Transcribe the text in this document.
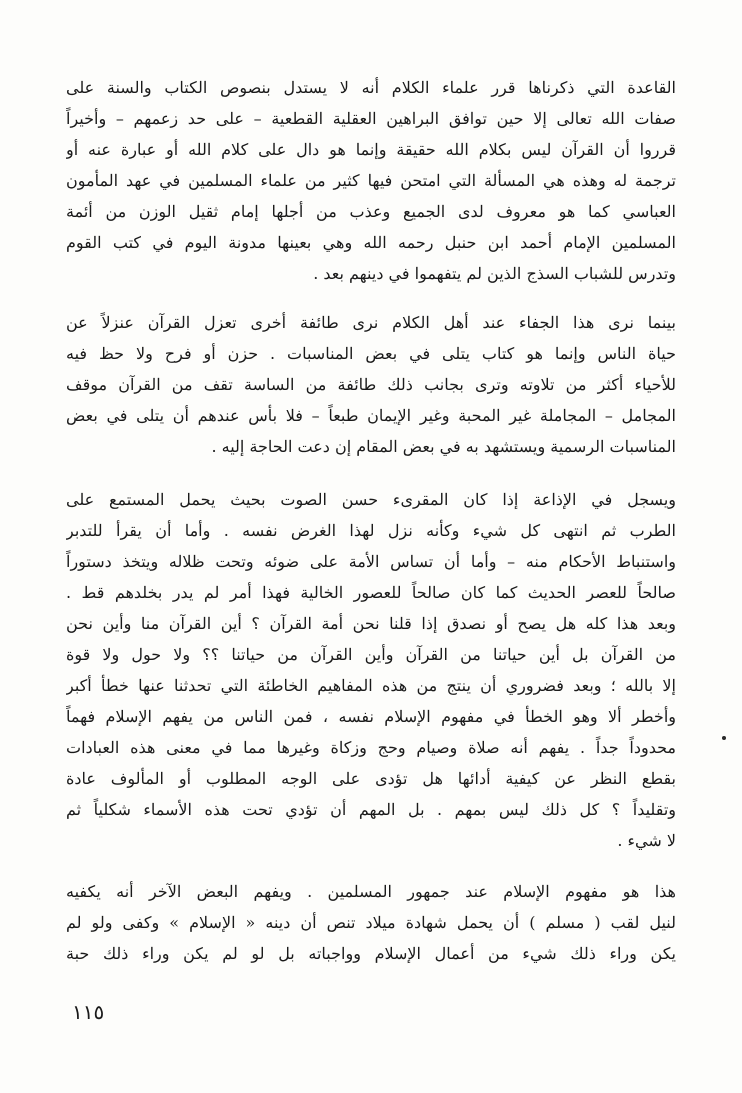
القاعدة التي ذكرناها قرر علماء الكلام أنه لا يستدل بنصوص الكتاب والسنة على
صفات الله تعالى إلا حين توافق البراهين العقلية القطعية – على حد زعمهم – وأخيراً
قرروا أن القرآن ليس بكلام الله حقيقة وإنما هو دال على كلام الله أو عبارة عنه أو
ترجمة له وهذه هي المسألة التي امتحن فيها كثير من علماء المسلمين في عهد المأمون
العباسي كما هو معروف لدى الجميع وعذب من أجلها إمام ثقيل الوزن من أئمة
المسلمين الإمام أحمد ابن حنبل رحمه الله وهي بعينها مدونة اليوم في كتب القوم
وتدرس للشباب السذج الذين لم يتفهموا في دينهم بعد .
بينما نرى هذا الجفاء عند أهل الكلام نرى طائفة أخرى تعزل القرآن عنزلاً عن
حياة الناس وإنما هو كتاب يتلى في بعض المناسبات . حزن أو فرح ولا حظ فيه
للأحياء أكثر من تلاوته وترى بجانب ذلك طائفة من الساسة تقف من القرآن موقف
المجامل – المجاملة غير المحبة وغير الإيمان طبعاً – فلا بأس عندهم أن يتلى في بعض
المناسبات الرسمية ويستشهد به في بعض المقام إن دعت الحاجة إليه .
ويسجل في الإذاعة إذا كان المقرىء حسن الصوت بحيث يحمل المستمع على
الطرب ثم انتهى كل شيء وكأنه نزل لهذا الغرض نفسه . وأما أن يقرأ للتدبر
واستنباط الأحكام منه – وأما أن تساس الأمة على ضوئه وتحت ظلاله ويتخذ دستوراً
صالحاً للعصر الحديث كما كان صالحاً للعصور الخالية فهذا أمر لم يدر بخلدهم قط .
وبعد هذا كله هل يصح أو نصدق إذا قلنا نحن أمة القرآن ؟ أين القرآن منا وأين نحن
من القرآن بل أين حياتنا من القرآن وأين القرآن من حياتنا ؟؟ ولا حول ولا قوة
إلا بالله ؛ وبعد فضروري أن ينتج من هذه المفاهيم الخاطئة التي تحدثنا عنها خطأ أكبر
وأخطر ألا وهو الخطأ في مفهوم الإسلام نفسه ، فمن الناس من يفهم الإسلام فهماً
محدوداً جداً . يفهم أنه صلاة وصيام وحج وزكاة وغيرها مما في معنى هذه العبادات
بقطع النظر عن كيفية أدائها هل تؤدى على الوجه المطلوب أو المألوف عادة
وتقليداً ؟ كل ذلك ليس بمهم . بل المهم أن تؤدي تحت هذه الأسماء شكلياً ثم
لا شيء .
هذا هو مفهوم الإسلام عند جمهور المسلمين . ويفهم البعض الآخر أنه يكفيه
لنيل لقب ( مسلم ) أن يحمل شهادة ميلاد تنص أن دينه « الإسلام » وكفى ولو لم
يكن وراء ذلك شيء من أعمال الإسلام وواجباته بل لو لم يكن وراء ذلك حبة
١١٥
